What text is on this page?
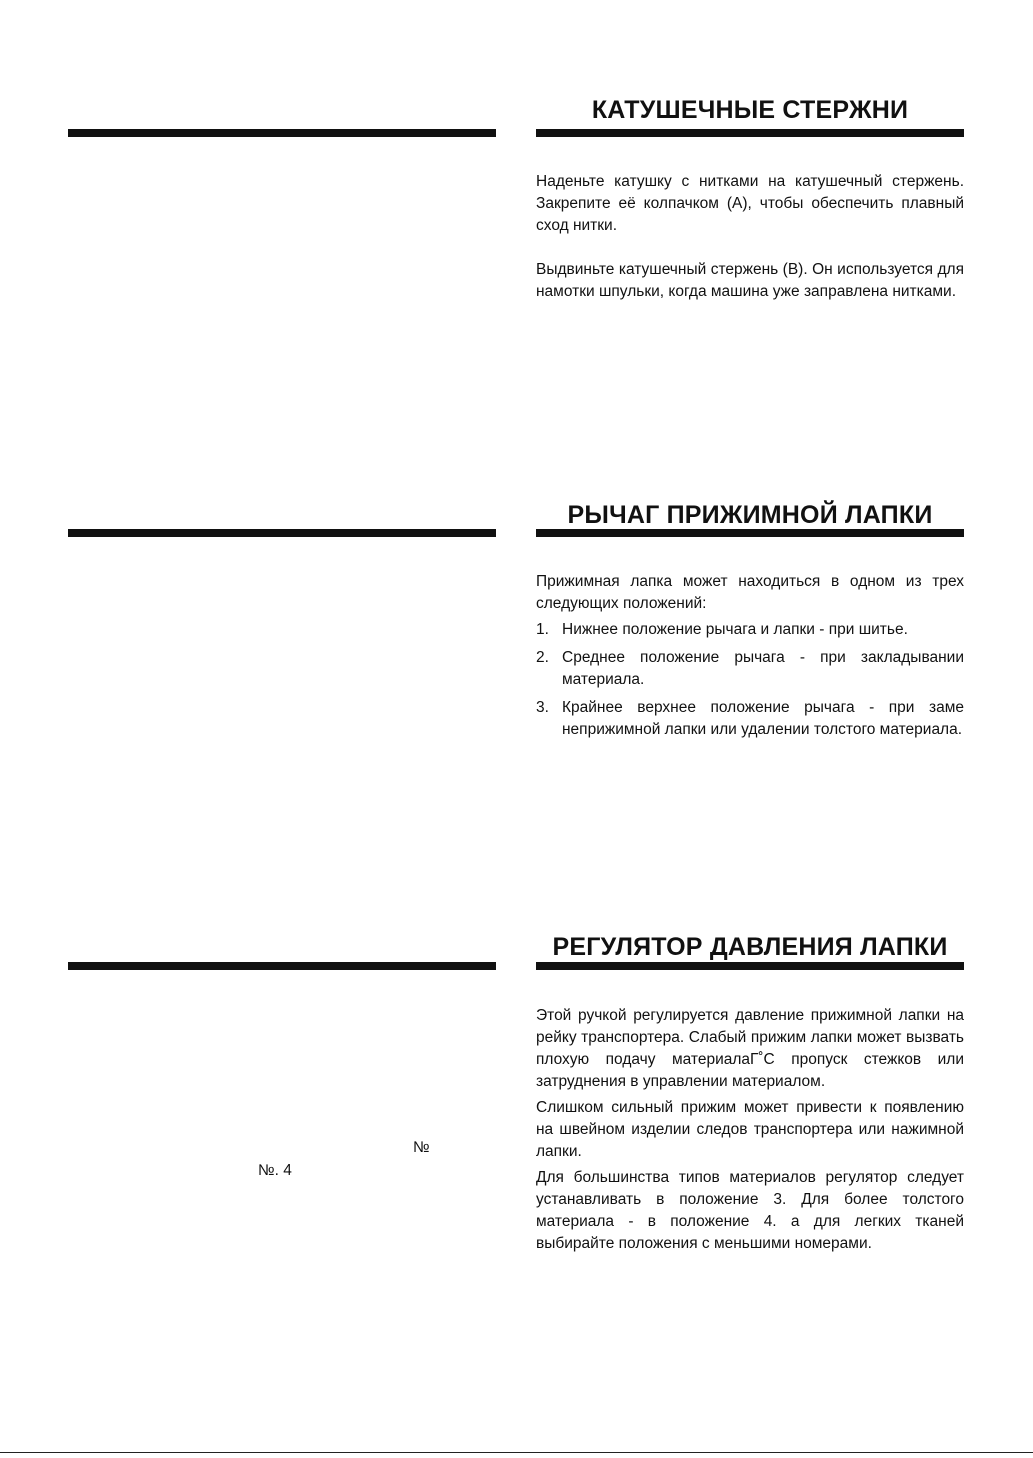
КАТУШЕЧНЫЕ СТЕРЖНИ

Наденьте катушку с нитками на катушечный стержень. Закрепите её колпачком (A), чтобы обеспечить плавный сход нитки.

Выдвиньте катушечный стержень (B). Он используется для намотки шпульки, когда машина уже заправлена нитками.

РЫЧАГ ПРИЖИМНОЙ ЛАПКИ

Прижимная лапка может находиться в одном из трех следующих положений:

1. Нижнее положение рычага и лапки - при шитье.
2. Среднее положение рычага - при закладывании материала.
3. Крайнее верхнее положение рычага - при заме неприжимной лапки или удалении толстого материала.
РЕГУЛЯТОР ДАВЛЕНИЯ ЛАПКИ

Этой ручкой регулируется давление прижимной лапки на рейку транспортера. Слабый прижим лапки может вызвать плохую подачу материалаГ˚С пропуск стежков или затруднения в управлении материалом.

Слишком сильный прижим может привести к появлению на швейном изделии следов транспортера или нажимной лапки.

Для большинства типов материалов регулятор следует устанавливать в положение 3. Для более толстого материала - в положение 4. а для легких тканей выбирайте положения с меньшими номерами.

№
№. 4
